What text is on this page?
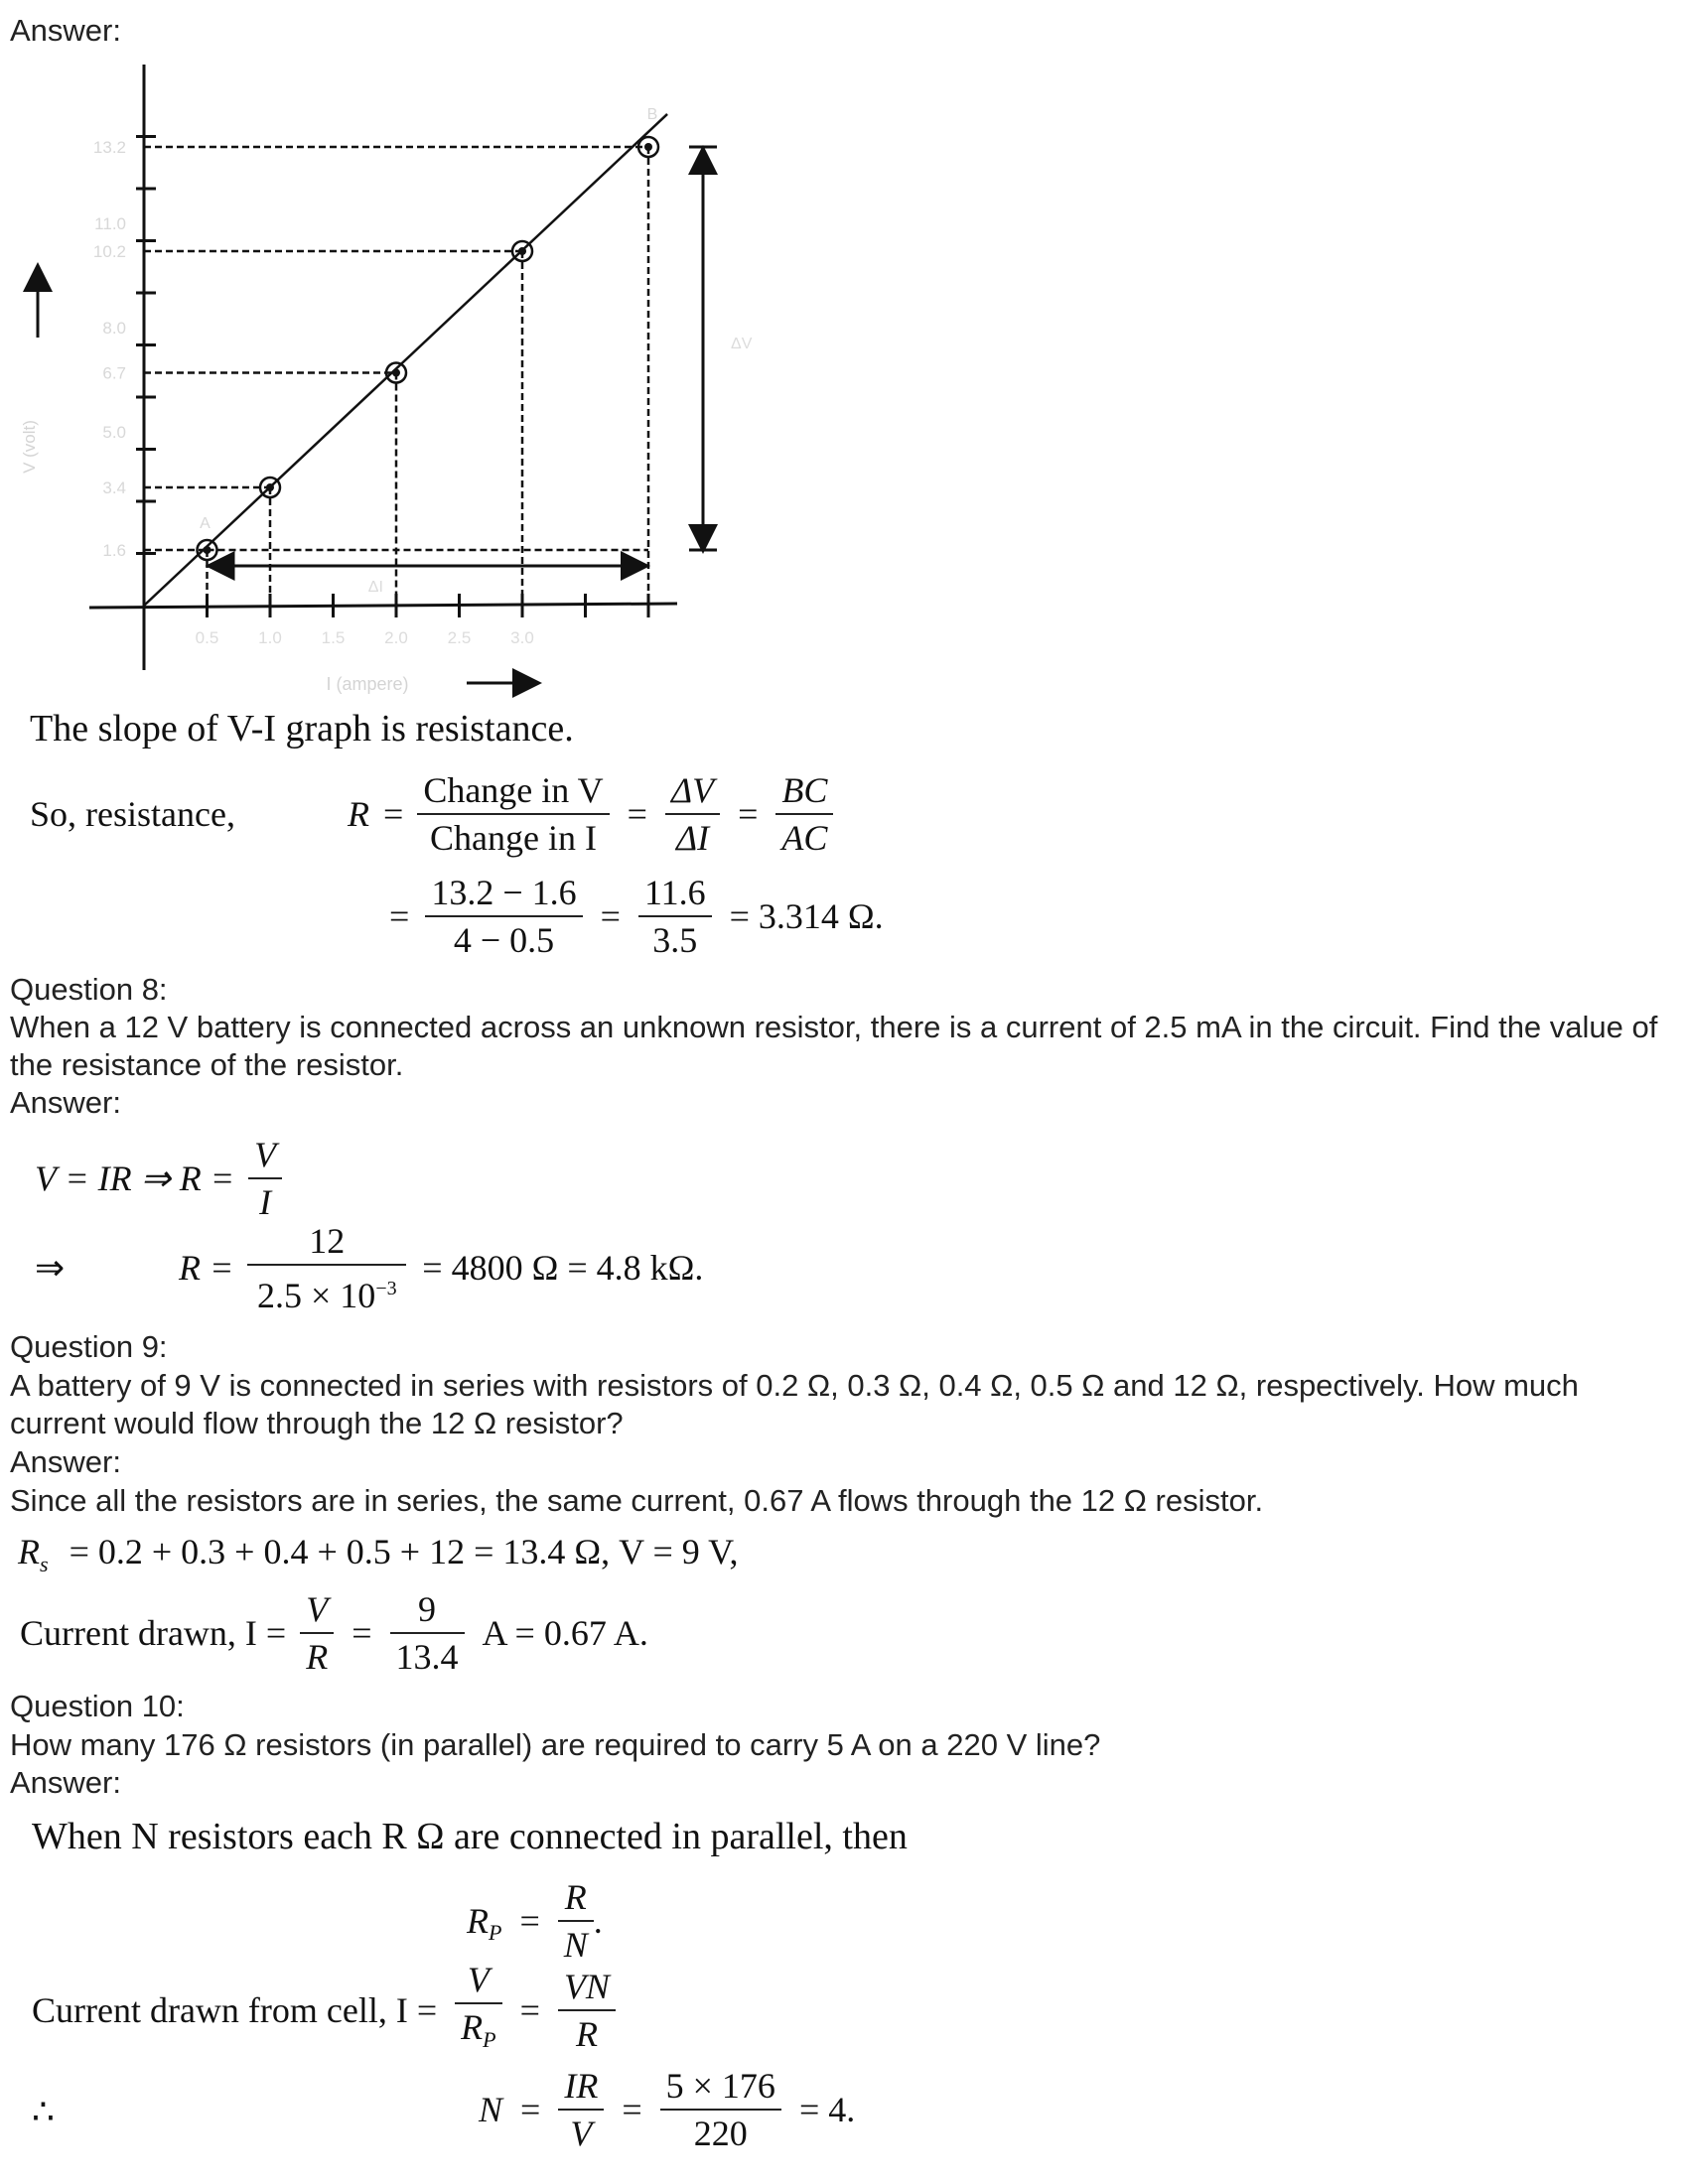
Answer:
1.6
3.4
5.0
6.7
8.0
10.2
11.0
13.2
0.5 1.0 1.5 2.0 2.5 3.0
V (volt)
I (ampere)
A
B
ΔV
ΔI
The slope of V-I graph is resistance.
So, resistance,	$R = \frac{\text{Change in V}}{\text{Change in I}} = \frac{\Delta V}{\Delta I} = \frac{BC}{AC}$
= $\frac{13.2 - 1.6}{4 - 0.5} = \frac{11.6}{3.5} = 3.314$ Ω.
Question 8:
When a 12 V battery is connected across an unknown resistor, there is a current of 2.5 mA in the circuit. Find the value of the resistance of the resistor.
Answer:
V = IR ⇒ $R = \frac{V}{I}$
⇒	$R = \frac{12}{2.5 \times 10^{-3}} = 4800$ Ω = 4.8 kΩ.
Question 9:
A battery of 9 V is connected in series with resistors of 0.2 Ω, 0.3 Ω, 0.4 Ω, 0.5 Ω and 12 Ω, respectively. How much current would flow through the 12 Ω resistor?
Answer:
Since all the resistors are in series, the same current, 0.67 A flows through the 12 Ω resistor.
$R_s = 0.2 + 0.3 + 0.4 + 0.5 + 12 = 13.4$ Ω, V = 9 V,
Current drawn, $I = \frac{V}{R} = \frac{9}{13.4}$ A = 0.67 A.
Question 10:
How many 176 Ω resistors (in parallel) are required to carry 5 A on a 220 V line?
Answer:
When N resistors each R Ω are connected in parallel, then
$R_P = \frac{R}{N}$ .
Current drawn from cell, $I = \frac{V}{R_P} = \frac{VN}{R}$
∴	$N = \frac{IR}{V} = \frac{5 \times 176}{220} = 4$.
